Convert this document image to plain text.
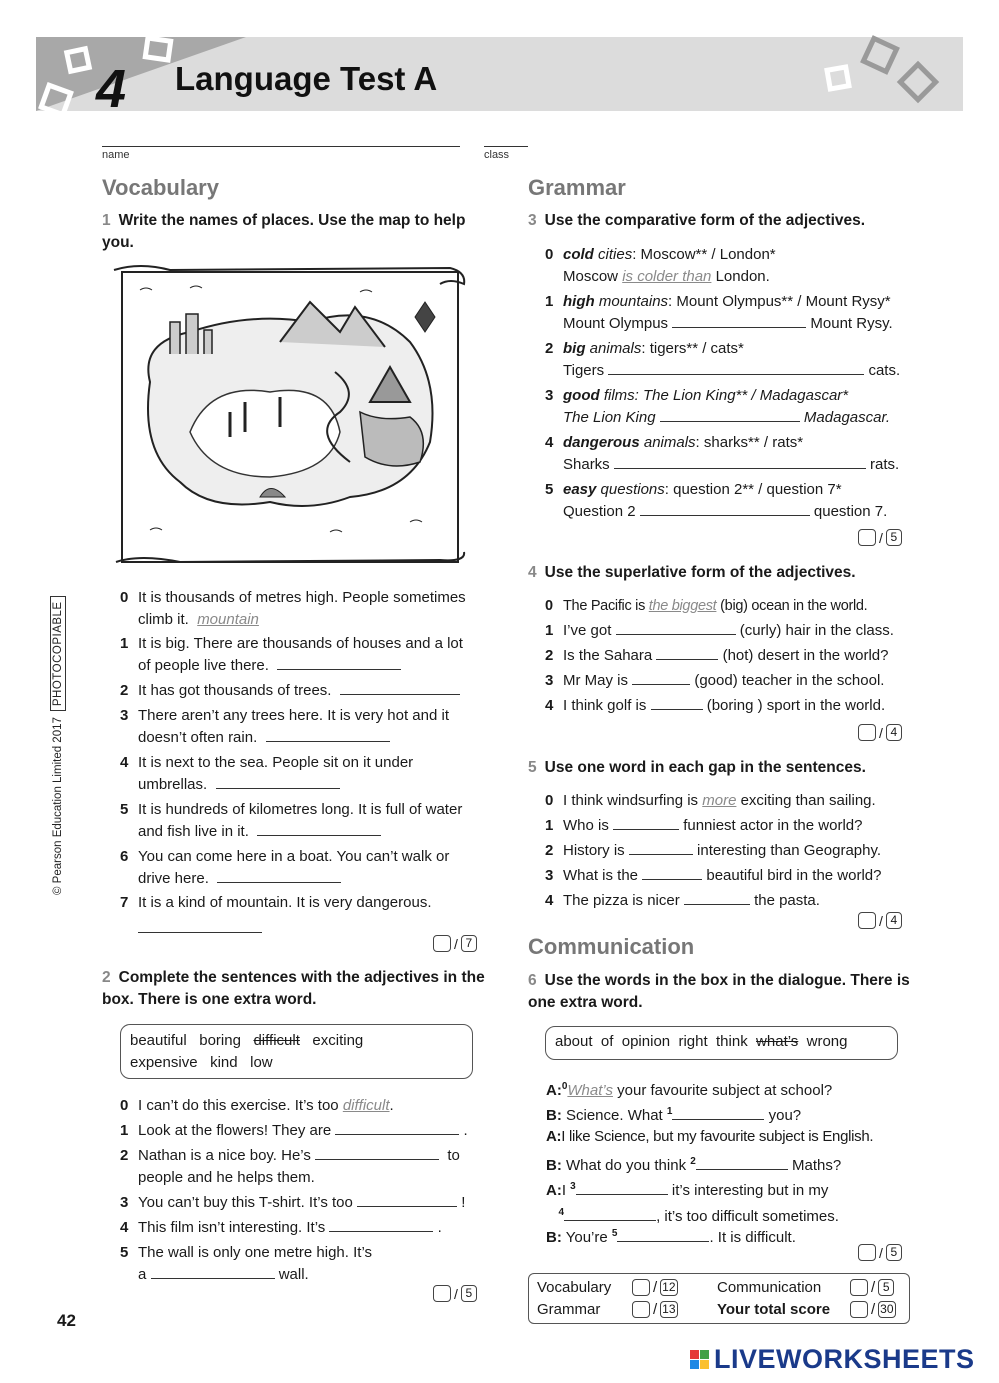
4 Language Test A
name	class
© Pearson Education Limited 2017
PHOTOCOPIABLE
Vocabulary
1 Write the names of places. Use the map to help you.
0 It is thousands of metres high. People sometimes climb it. mountain
1 It is big. There are thousands of houses and a lot of people live there.
2 It has got thousands of trees.
3 There aren’t any trees here. It is very hot and it doesn’t often rain.
4 It is next to the sea. People sit on it under umbrellas.
5 It is hundreds of kilometres long. It is full of water and fish live in it.
6 You can come here in a boat. You can’t walk or drive here.
7 It is a kind of mountain. It is very dangerous.
/ 7
2 Complete the sentences with the adjectives in the box. There is one extra word.
beautiful boring difficult exciting
expensive kind low
0 I can’t do this exercise. It’s too difficult.
1 Look at the flowers! They are	.
2 Nathan is a nice boy. He’s	to
people and he helps them.
3 You can’t buy this T-shirt. It’s too	!
4 This film isn’t interesting. It’s	.
5 The wall is only one metre high. It’s
a	wall.
/ 5
42
Grammar
3 Use the comparative form of the adjectives.
0 cold cities: Moscow** / London*
Moscow is colder than London.
1 high mountains: Mount Olympus** / Mount Rysy*
Mount Olympus	Mount Rysy.
2 big animals: tigers** / cats*
Tigers	cats.
3 good films: The Lion King** / Madagascar*
The Lion King	Madagascar.
4 dangerous animals: sharks** / rats*
Sharks	rats.
5 easy questions: question 2** / question 7*
Question 2	question 7.
/ 5
4 Use the superlative form of the adjectives.
0 The Pacific is the biggest (big) ocean in the world.
1 I’ve got	(curly) hair in the class.
2 Is the Sahara	(hot) desert in the world?
3 Mr May is	(good) teacher in the school.
4 I think golf is	(boring ) sport in the world.
/ 4
5 Use one word in each gap in the sentences.
0 I think windsurfing is more exciting than sailing.
1 Who is	funniest actor in the world?
2 History is	interesting than Geography.
3 What is the	beautiful bird in the world?
4 The pizza is nicer	the pasta.
/ 4
Communication
6 Use the words in the box in the dialogue. There is one extra word.
about of opinion right think what’s wrong
A:$^0$What’s your favourite subject at school?
B: Science. What $^1$	you?
A:I like Science, but my favourite subject is English.
B: What do you think $^2$	Maths?
A:I $^3$	it’s interesting but in my
$^4$	, it’s too difficult sometimes.
B: You’re $^5$	. It is difficult.
/ 5
Vocabulary	/ 12
Grammar	/ 13
Communication	/ 5
Your total score	/ 30
LIVEWORKSHEETS
